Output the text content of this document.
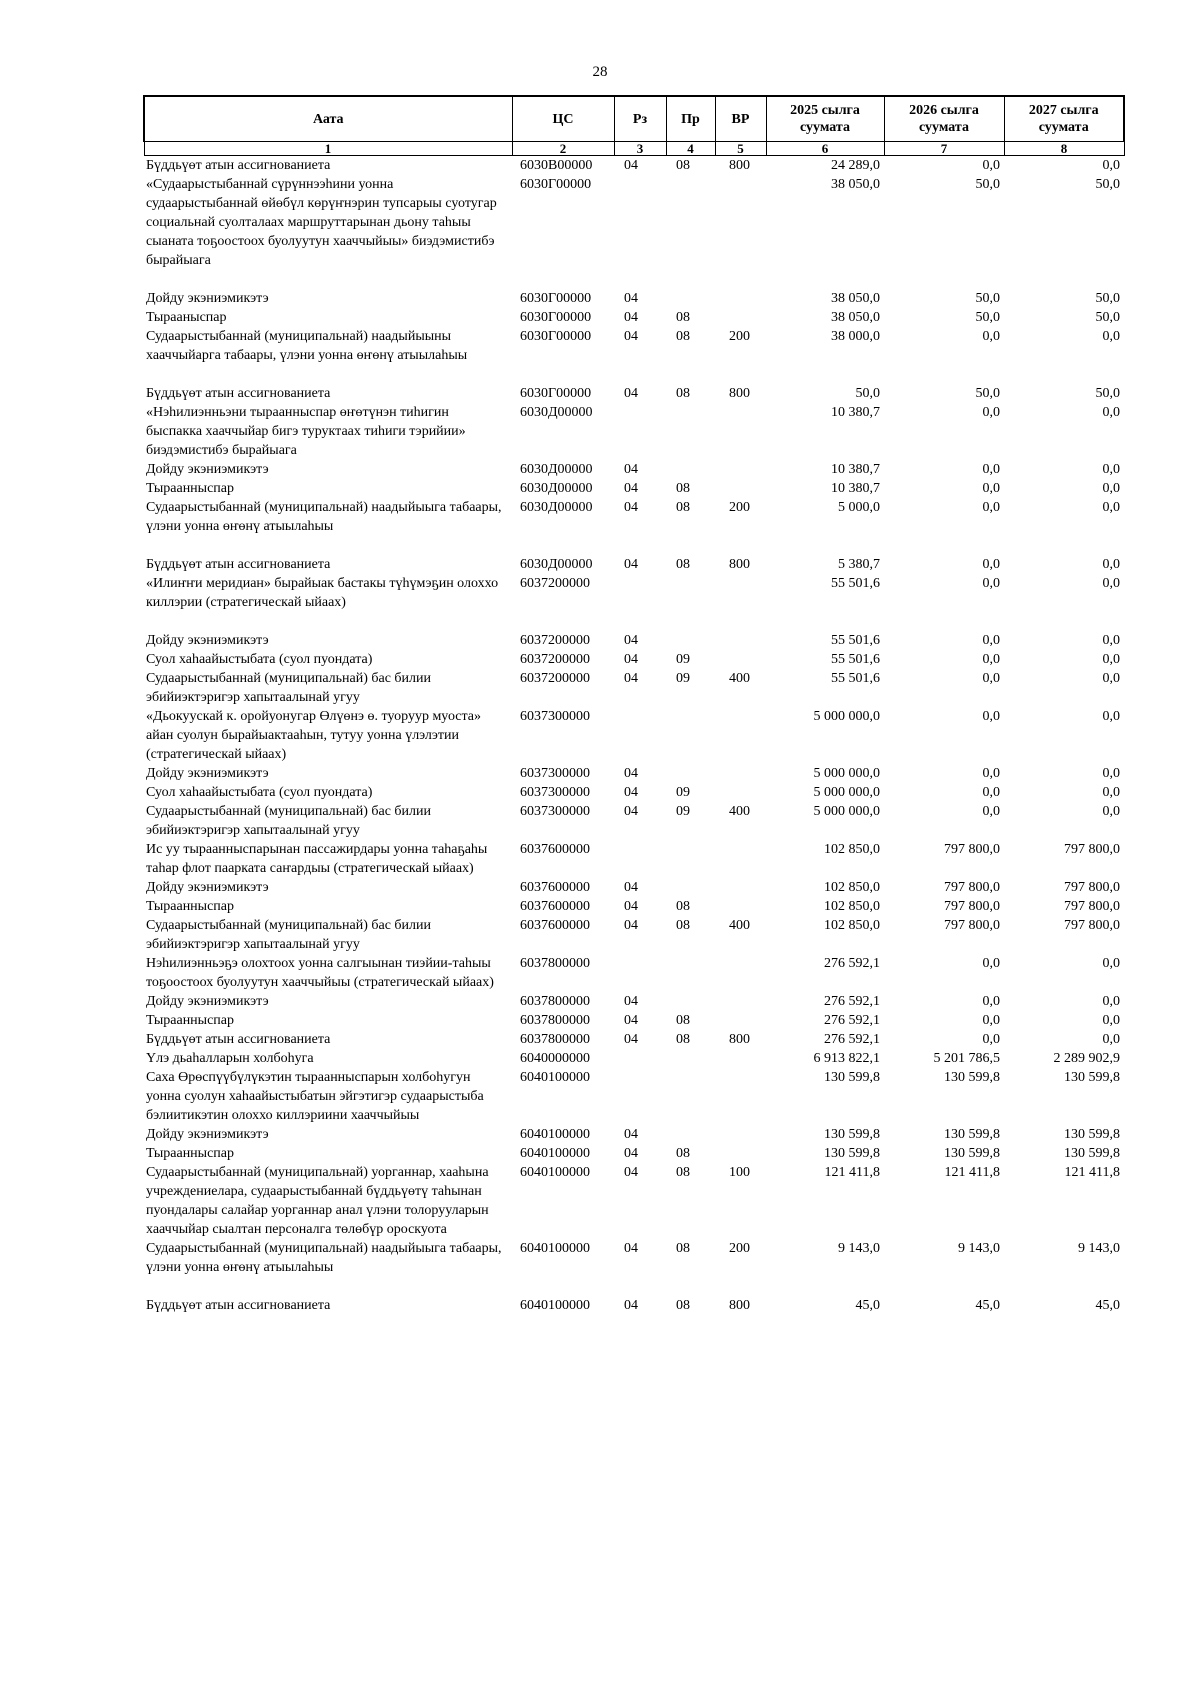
28
Аата	ЦС	Рз	Пр	ВР	2025 сылга суумата	2026 сылга суумата	2027 сылга суумата
1	2	3	4	5	6	7	8
Бүддьүөт атын ассигнованиета	6030В00000	04	08	800	24 289,0	0,0	0,0
«Судаарыстыбаннай сүрүннээһини уонна судаарыстыбаннай өйөбүл көрүҥнэрин тупсарыы суотугар социальнай суолталаах маршруттарынан дьону таһыы сыаната тоҕоостоох буолуутун хааччыйыы» биэдэмистибэ бырайыага	6030Г00000				38 050,0	50,0	50,0
Дойду экэниэмикэтэ	6030Г00000	04			38 050,0	50,0	50,0
Тырааныспар	6030Г00000	04	08		38 050,0	50,0	50,0
Судаарыстыбаннай (муниципальнай) наадыйыыны хааччыйарга табаары, үлэни уонна өҥөнү атыылаһыы	6030Г00000	04	08	200	38 000,0	0,0	0,0
Бүддьүөт атын ассигнованиета	6030Г00000	04	08	800	50,0	50,0	50,0
«Нэһилиэнньэни тыраанныспар өҥөтүнэн тиһигин быспакка хааччыйар бигэ туруктаах тиһиги тэрийии» биэдэмистибэ бырайыага	6030Д00000				10 380,7	0,0	0,0
Дойду экэниэмикэтэ	6030Д00000	04			10 380,7	0,0	0,0
Тыраанныспар	6030Д00000	04	08		10 380,7	0,0	0,0
Судаарыстыбаннай (муниципальнай) наадыйыыга табаары, үлэни уонна өҥөнү атыылаһыы	6030Д00000	04	08	200	5 000,0	0,0	0,0
Бүддьүөт атын ассигнованиета	6030Д00000	04	08	800	5 380,7	0,0	0,0
«Илиҥҥи меридиан» бырайыак бастакы түһүмэҕин олоххо киллэрии (стратегическай ыйаах)	6037200000				55 501,6	0,0	0,0
Дойду экэниэмикэтэ	6037200000	04			55 501,6	0,0	0,0
Суол хаһаайыстыбата (суол пуондата)	6037200000	04	09		55 501,6	0,0	0,0
Судаарыстыбаннай (муниципальнай) бас билии эбийиэктэригэр хапытаалынай угуу	6037200000	04	09	400	55 501,6	0,0	0,0
«Дьокуускай к. оройуонугар Өлүөнэ ө. туоруур муоста» айан суолун бырайыактааһын, тутуу уонна үлэлэтии (стратегическай ыйаах)	6037300000				5 000 000,0	0,0	0,0
Дойду экэниэмикэтэ	6037300000	04			5 000 000,0	0,0	0,0
Суол хаһаайыстыбата (суол пуондата)	6037300000	04	09		5 000 000,0	0,0	0,0
Судаарыстыбаннай (муниципальнай) бас билии эбийиэктэригэр хапытаалынай угуу	6037300000	04	09	400	5 000 000,0	0,0	0,0
Ис уу тыраанныспарынан пассажирдары уонна таһаҕаһы таһар флот паарката саҥардыы (стратегическай ыйаах)	6037600000				102 850,0	797 800,0	797 800,0
Дойду экэниэмикэтэ	6037600000	04			102 850,0	797 800,0	797 800,0
Тыраанныспар	6037600000	04	08		102 850,0	797 800,0	797 800,0
Судаарыстыбаннай (муниципальнай) бас билии эбийиэктэригэр хапытаалынай угуу	6037600000	04	08	400	102 850,0	797 800,0	797 800,0
Нэһилиэнньэҕэ олохтоох уонна салгыынан тиэйии-таһыы тоҕоостоох буолуутун хааччыйыы (стратегическай ыйаах)	6037800000				276 592,1	0,0	0,0
Дойду экэниэмикэтэ	6037800000	04			276 592,1	0,0	0,0
Тыраанныспар	6037800000	04	08		276 592,1	0,0	0,0
Бүддьүөт атын ассигнованиета	6037800000	04	08	800	276 592,1	0,0	0,0
Үлэ дьаһалларын холбоһуга	6040000000				6 913 822,1	5 201 786,5	2 289 902,9
Саха Өрөспүүбүлүкэтин тыраанныспарын холбоһугун уонна суолун хаһаайыстыбатын эйгэтигэр судаарыстыба бэлиитикэтин олоххо киллэриини хааччыйыы	6040100000				130 599,8	130 599,8	130 599,8
Дойду экэниэмикэтэ	6040100000	04			130 599,8	130 599,8	130 599,8
Тыраанныспар	6040100000	04	08		130 599,8	130 599,8	130 599,8
Судаарыстыбаннай (муниципальнай) уорганнар, хааһына учреждениелара, судаарыстыбаннай бүддьүөтү таһынан пуондалары салайар уорганнар анал үлэни толорууларын хааччыйар сыалтан персоналга төлөбүр ороскуота	6040100000	04	08	100	121 411,8	121 411,8	121 411,8
Судаарыстыбаннай (муниципальнай) наадыйыыга табаары, үлэни уонна өҥөнү атыылаһыы	6040100000	04	08	200	9 143,0	9 143,0	9 143,0
Бүддьүөт атын ассигнованиета	6040100000	04	08	800	45,0	45,0	45,0
